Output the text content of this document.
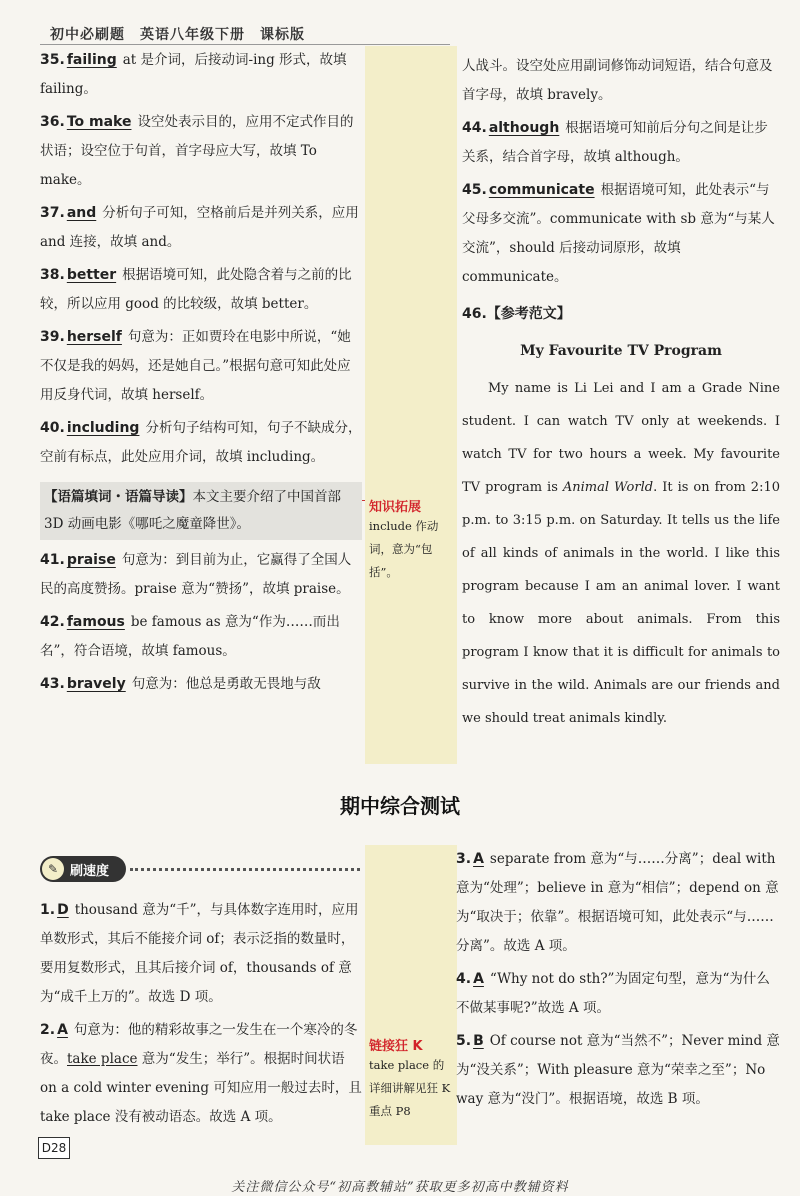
初中必刷题　英语八年级下册　课标版
知识拓展
include 作动词，意为“包括”。
35. failing at 是介词，后接动词-ing 形式，故填 failing。
36. To make 设空处表示目的，应用不定式作目的状语；设空位于句首，首字母应大写，故填 To make。
37. and 分析句子可知，空格前后是并列关系，应用 and 连接，故填 and。
38. better 根据语境可知，此处隐含着与之前的比较，所以应用 good 的比较级，故填 better。
39. herself 句意为：正如贾玲在电影中所说，“她不仅是我的妈妈，还是她自己。”根据句意可知此处应用反身代词，故填 herself。
40. including 分析句子结构可知，句子不缺成分，空前有标点，此处应用介词，故填 including。
【语篇填词・语篇导读】本文主要介绍了中国首部 3D 动画电影《哪吒之魔童降世》。
41. praise 句意为：到目前为止，它赢得了全国人民的高度赞扬。praise 意为“赞扬”，故填 praise。
42. famous be famous as 意为“作为……而出名”，符合语境，故填 famous。
43. bravely 句意为：他总是勇敢无畏地与敌
人战斗。设空处应用副词修饰动词短语，结合句意及首字母，故填 bravely。
44. although 根据语境可知前后分句之间是让步关系，结合首字母，故填 although。
45. communicate 根据语境可知，此处表示“与父母多交流”。communicate with sb 意为“与某人交流”，should 后接动词原形，故填 communicate。
46.【参考范文】
My Favourite TV Program

My name is Li Lei and I am a Grade Nine student. I can watch TV only at weekends. I watch TV for two hours a week. My favourite TV program is Animal World. It is on from 2:10 p.m. to 3:15 p.m. on Saturday. It tells us the life of all kinds of animals in the world. I like this program because I am an animal lover. I want to know more about animals. From this program I know that it is difficult for animals to survive in the wild. Animals are our friends and we should treat animals kindly.

期中综合测试
✎ 刷速度
链接狂 K
take place 的详细讲解见狂 K 重点 P8
1. D thousand 意为“千”，与具体数字连用时，应用单数形式，其后不能接介词 of；表示泛指的数量时，要用复数形式，且其后接介词 of，thousands of 意为“成千上万的”。故选 D 项。
2. A 句意为：他的精彩故事之一发生在一个寒冷的冬夜。take place 意为“发生；举行”。根据时间状语 on a cold winter evening 可知应用一般过去时，且 take place 没有被动语态。故选 A 项。
3. A separate from 意为“与……分离”；deal with 意为“处理”；believe in 意为“相信”；depend on 意为“取决于；依靠”。根据语境可知，此处表示“与……分离”。故选 A 项。
4. A “Why not do sth?”为固定句型，意为“为什么不做某事呢?”故选 A 项。
5. B Of course not 意为“当然不”；Never mind 意为“没关系”；With pleasure 意为“荣幸之至”；No way 意为“没门”。根据语境，故选 B 项。
D28
关注微信公众号“初高教辅站”获取更多初高中教辅资料
